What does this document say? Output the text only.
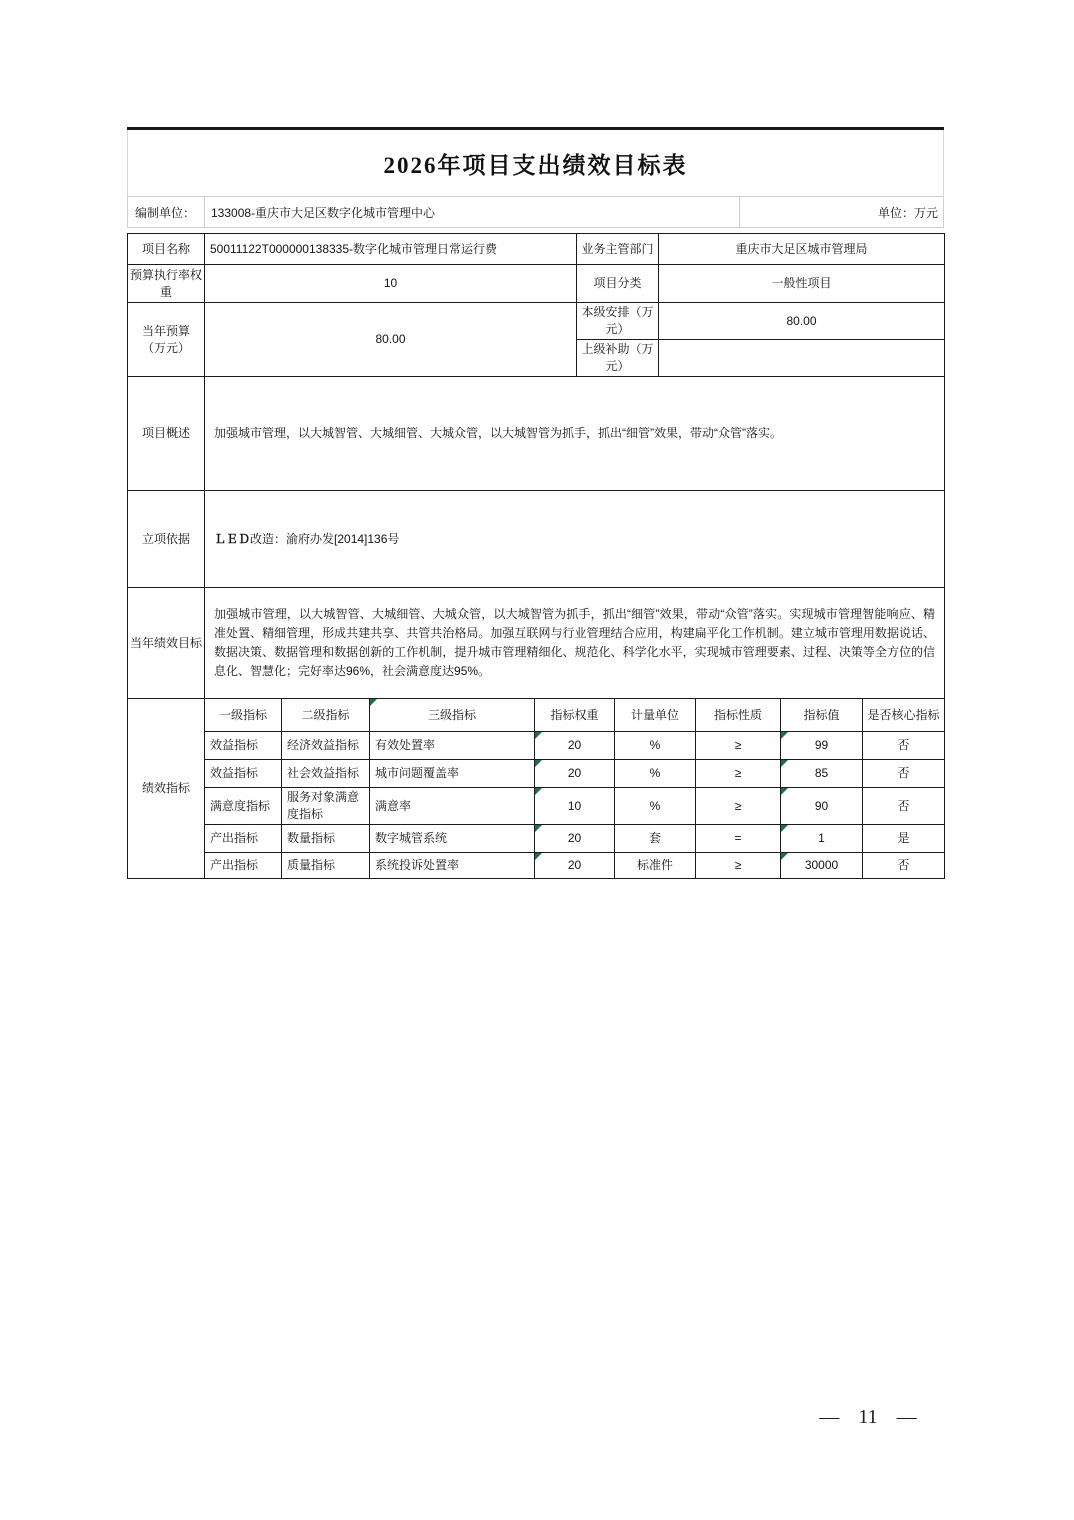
2026年项目支出绩效目标表
编制单位：	133008-重庆市大足区数字化城市管理中心	单位：万元
项目名称	50011122T000000138335-数字化城市管理日常运行费	业务主管部门	重庆市大足区城市管理局
预算执行率权重	10	项目分类	一般性项目

当年预算
（万元）	80.00	本级安排（万元）	80.00
		上级补助（万元）	
项目概述	加强城市管理，以大城智管、大城细管、大城众管，以大城智管为抓手，抓出“细管”效果，带动“众管”落实。		
立项依据	ＬＥＤ改造：渝府办发[2014]136号		
当年绩效目标	加强城市管理，以大城智管、大城细管、大城众管，以大城智管为抓手，抓出“细管”效果，带动“众管”落实。实现城市管理智能响应、精准处置、精细管理，形成共建共享、共管共治格局。加强互联网与行业管理结合应用，构建扁平化工作机制。建立城市管理用数据说话、数据决策、数据管理和数据创新的工作机制，提升城市管理精细化、规范化、科学化水平，实现城市管理要素、过程、决策等全方位的信息化、智慧化；完好率达96%，社会满意度达95%。		
绩效指标	一级指标	二级指标	三级指标	指标权重	计量单位	指标性质	指标值	是否核心指标
	效益指标	经济效益指标	有效处置率	20	%	≥	99	否
	效益指标	社会效益指标	城市问题覆盖率	20	%	≥	85	否
	满意度指标	服务对象满意度指标	满意率	10	%	≥	90	否
	产出指标	数量指标	数字城管系统	20	套	=	1	是
	产出指标	质量指标	系统投诉处置率	20	标准件	≥	30000	否
— 11 —
